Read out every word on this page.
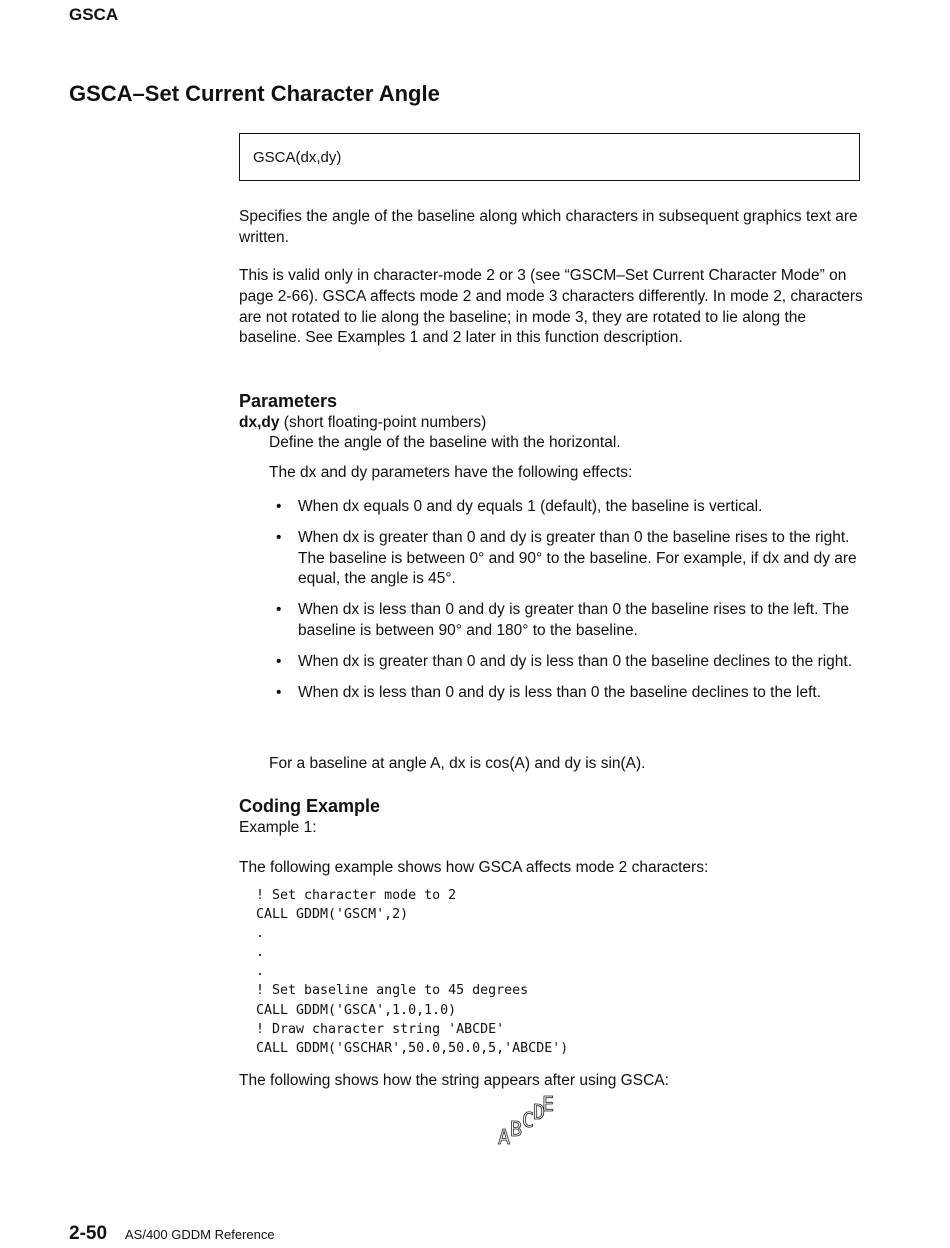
GSCA
GSCA–Set Current Character Angle
GSCA(dx,dy)

Specifies the angle of the baseline along which characters in subsequent graphics text are written.

This is valid only in character-mode 2 or 3 (see “GSCM–Set Current Character Mode” on page 2-66). GSCA affects mode 2 and mode 3 characters differently. In mode 2, characters are not rotated to lie along the baseline; in mode 3, they are rotated to lie along the baseline. See Examples 1 and 2 later in this function description.

Parameters

dx,dy (short floating-point numbers)

Define the angle of the baseline with the horizontal.

The dx and dy parameters have the following effects:

• When dx equals 0 and dy equals 1 (default), the baseline is vertical.
• When dx is greater than 0 and dy is greater than 0 the baseline rises to the right. The baseline is between 0° and 90° to the baseline. For example, if dx and dy are equal, the angle is 45°.
• When dx is less than 0 and dy is greater than 0 the baseline rises to the left. The baseline is between 90° and 180° to the baseline.
• When dx is greater than 0 and dy is less than 0 the baseline declines to the right.
• When dx is less than 0 and dy is less than 0 the baseline declines to the left.

For a baseline at angle A, dx is cos(A) and dy is sin(A).

Coding Example

Example 1:

The following example shows how GSCA affects mode 2 characters:

! Set character mode to 2
CALL GDDM('GSCM',2)
.
.
.
! Set baseline angle to 45 degrees
CALL GDDM('GSCA',1.0,1.0)
! Draw character string 'ABCDE'
CALL GDDM('GSCHAR',50.0,50.0,5,'ABCDE')

The following shows how the string appears after using GSCA:

A B C
D
E
2-50 AS/400 GDDM Reference
